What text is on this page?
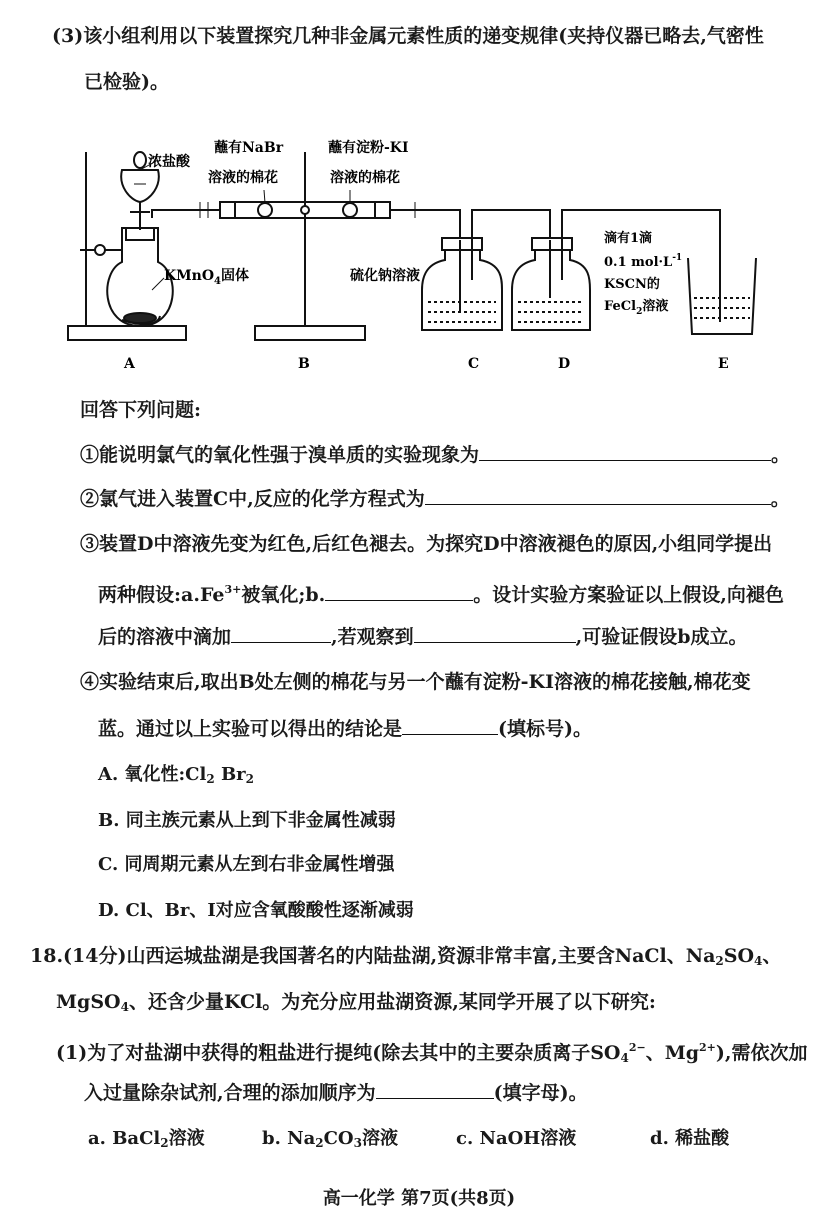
(3)该小组利用以下装置探究几种非金属元素性质的递变规律(夹持仪器已略去,气密性
已检验)。
浓盐酸
蘸有NaBr
溶液的棉花
蘸有淀粉-KI
溶液的棉花
KMnO$_4$固体	硫化钠溶液
滴有1滴
0.1 $mol\cdot L^{-1}$
KSCN的
FeCl$_2$溶液
A	B	C	D	E
回答下列问题:
①能说明氯气的氧化性强于溴单质的实验现象为	。
②氯气进入装置C中,反应的化学方程式为	。
③装置D中溶液先变为红色,后红色褪去。为探究D中溶液褪色的原因,小组同学提出
两种假设$:a.Fe^{3+}$被氧化;b.	。设计实验方案验证以上假设,向褪色
后的溶液中滴加	,若观察到	,可验证假设b成立。
④实验结束后,取出B处左侧的棉花与另一个蘸有淀粉-KI溶液的棉花接触,棉花变
蓝。通过以上实验可以得出的结论是	(填标号)。
A. 氧化性$:Cl_2$ $Br_2$
B. 同主族元素从上到下非金属性减弱
C. 同周期元素从左到右非金属性增强
D. Cl、Br、I对应含氧酸酸性逐渐减弱
18.(14分)山西运城盐湖是我国著名的内陆盐湖,资源非常丰富,主要含NaCl、$Na_2SO_4$、
MgSO$_4$、还含少量KCl。为充分应用盐湖资源,某同学开展了以下研究:
(1)为了对盐湖中获得的粗盐进行提纯(除去其中的主要杂质离子$SO_4^{2-}$、$Mg^{2+}$),需依次加
入过量除杂试剂,合理的添加顺序为	(填字母)。
a. BaCl$_2$溶液	b. $Na_2CO_3$溶液	c. NaOH溶液	d. 稀盐酸
高一化学 第7页(共8页)
